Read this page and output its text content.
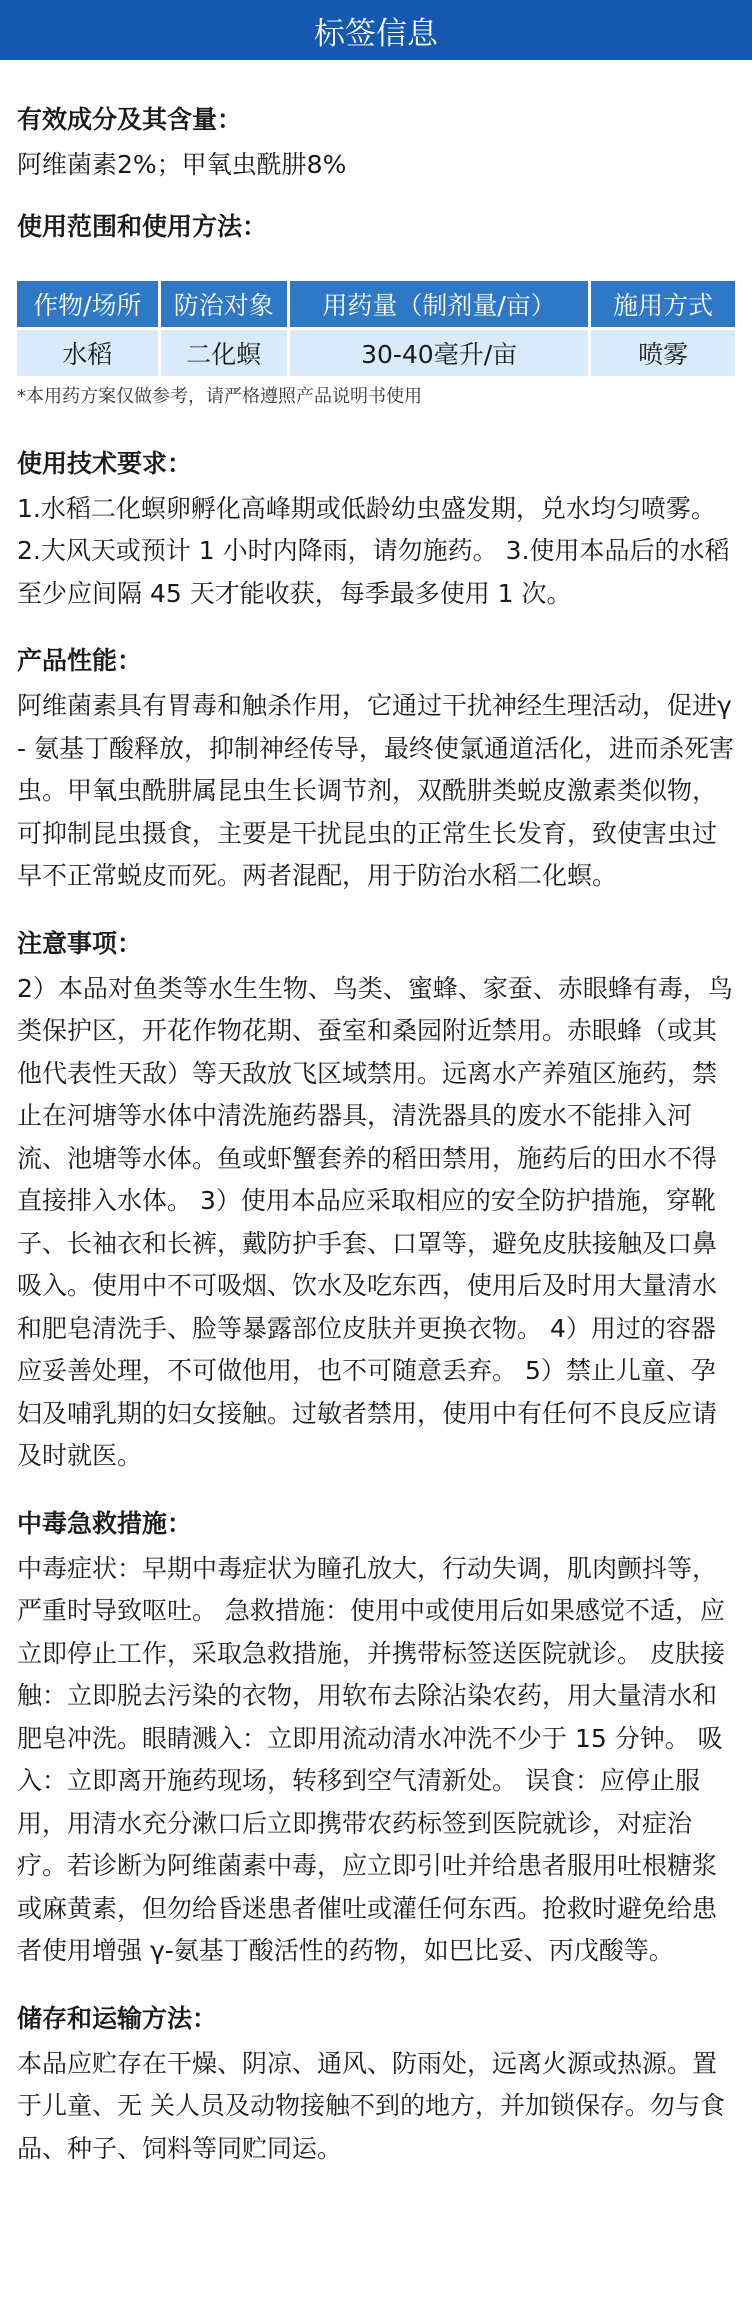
标签信息
有效成分及其含量：
阿维菌素2%；甲氧虫酰肼8%
使用范围和使用方法：
作物/场所	防治对象	用药量（制剂量/亩）	施用方式
水稻	二化螟	30-40毫升/亩	喷雾
*本用药方案仅做参考，请严格遵照产品说明书使用
使用技术要求：
1.水稻二化螟卵孵化高峰期或低龄幼虫盛发期，兑水均匀喷雾。 2.大风天或预计 1 小时内降雨，请勿施药。 3.使用本品后的水稻至少应间隔 45 天才能收获，每季最多使用 1 次。
产品性能：
阿维菌素具有胃毒和触杀作用，它通过干扰神经生理活动，促进γ - 氨基丁酸释放，抑制神经传导，最终使氯通道活化，进而杀死害虫。甲氧虫酰肼属昆虫生长调节剂，双酰肼类蜕皮激素类似物，可抑制昆虫摄食，主要是干扰昆虫的正常生长发育，致使害虫过早不正常蜕皮而死。两者混配，用于防治水稻二化螟。
注意事项：
2）本品对鱼类等水生生物、鸟类、蜜蜂、家蚕、赤眼蜂有毒，鸟类保护区，开花作物花期、蚕室和桑园附近禁用。赤眼蜂（或其他代表性天敌）等天敌放飞区域禁用。远离水产养殖区施药，禁止在河塘等水体中清洗施药器具，清洗器具的废水不能排入河流、池塘等水体。鱼或虾蟹套养的稻田禁用，施药后的田水不得直接排入水体。 3）使用本品应采取相应的安全防护措施，穿靴子、长袖衣和长裤，戴防护手套、口罩等，避免皮肤接触及口鼻吸入。使用中不可吸烟、饮水及吃东西，使用后及时用大量清水和肥皂清洗手、脸等暴露部位皮肤并更换衣物。 4）用过的容器应妥善处理，不可做他用，也不可随意丢弃。 5）禁止儿童、孕妇及哺乳期的妇女接触。过敏者禁用，使用中有任何不良反应请及时就医。
中毒急救措施：
中毒症状：早期中毒症状为瞳孔放大，行动失调，肌肉颤抖等，严重时导致呕吐。 急救措施：使用中或使用后如果感觉不适，应立即停止工作，采取急救措施，并携带标签送医院就诊。 皮肤接触：立即脱去污染的衣物，用软布去除沾染农药，用大量清水和肥皂冲洗。眼睛溅入：立即用流动清水冲洗不少于 15 分钟。 吸入：立即离开施药现场，转移到空气清新处。 误食：应停止服用，用清水充分漱口后立即携带农药标签到医院就诊，对症治疗。若诊断为阿维菌素中毒，应立即引吐并给患者服用吐根糖浆或麻黄素，但勿给昏迷患者催吐或灌任何东西。抢救时避免给患者使用增强 γ-氨基丁酸活性的药物，如巴比妥、丙戊酸等。
储存和运输方法：
本品应贮存在干燥、阴凉、通风、防雨处，远离火源或热源。置于儿童、无 关人员及动物接触不到的地方，并加锁保存。勿与食品、种子、饲料等同贮同运。
